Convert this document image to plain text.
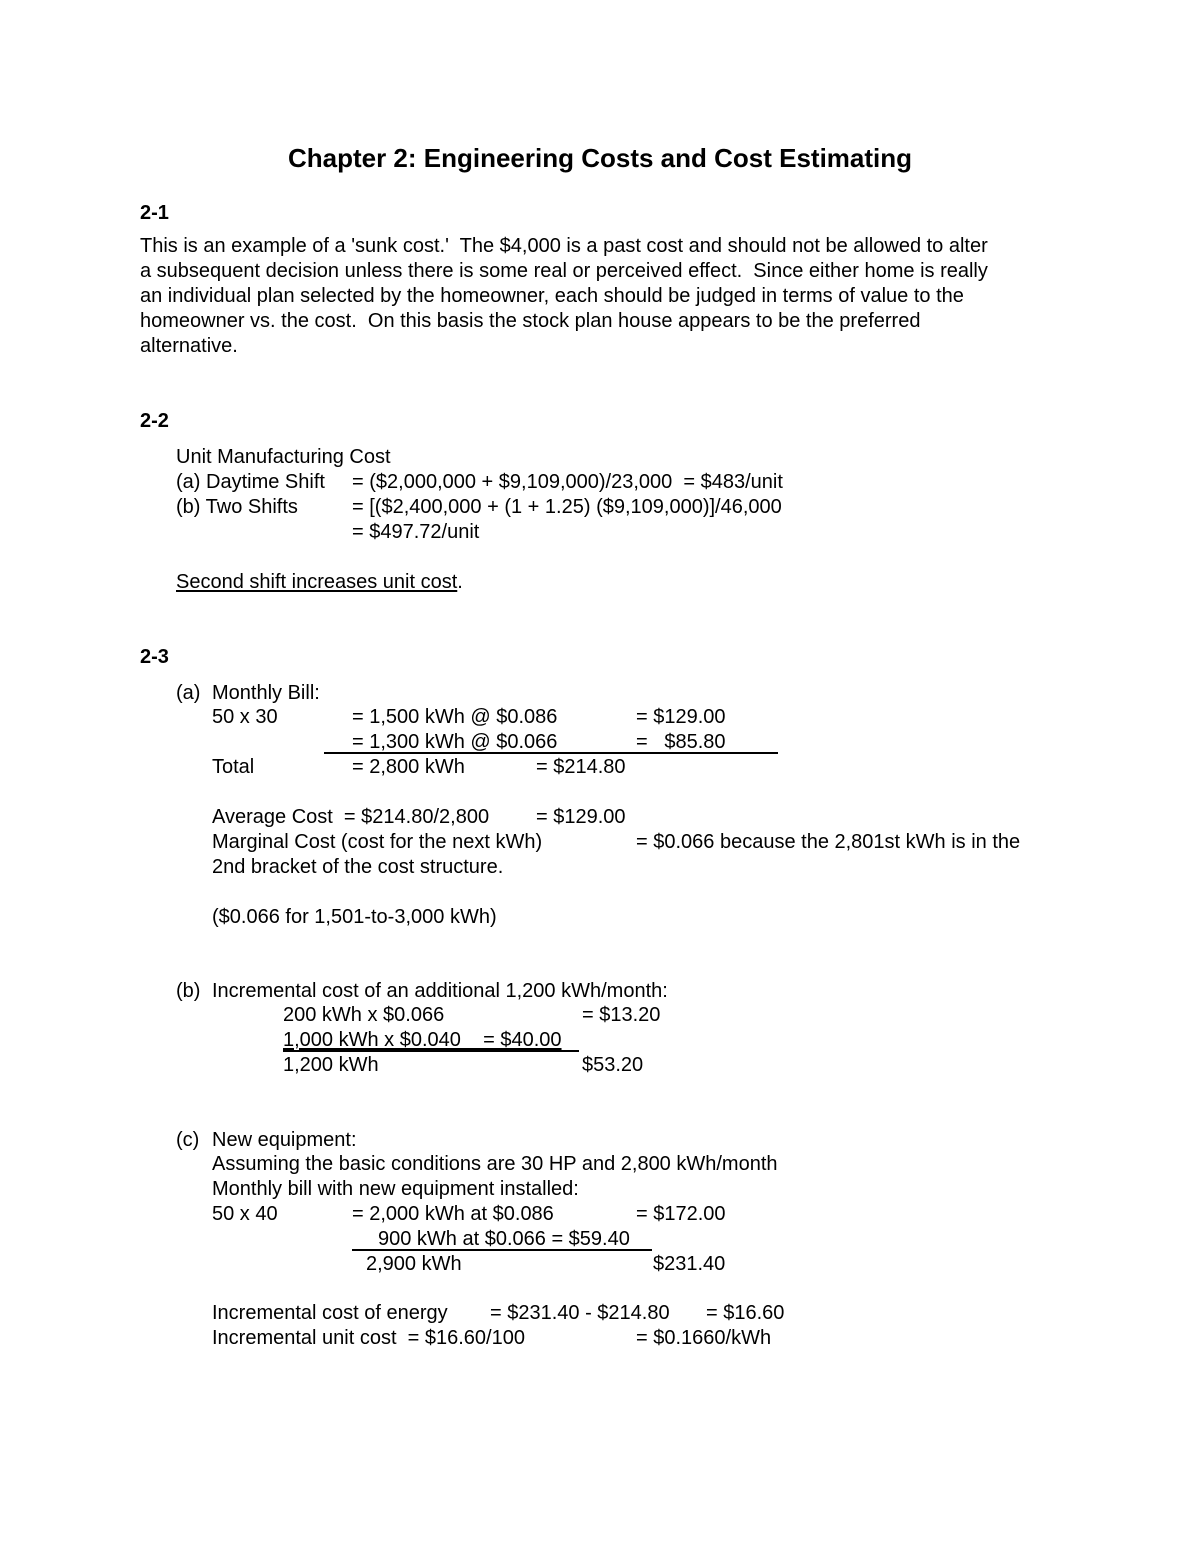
Chapter 2: Engineering Costs and Cost Estimating
2-1
This is an example of a 'sunk cost.'  The $4,000 is a past cost and should not be allowed to alter
a subsequent decision unless there is some real or perceived effect.  Since either home is really
an individual plan selected by the homeowner, each should be judged in terms of value to the
homeowner vs. the cost.  On this basis the stock plan house appears to be the preferred
alternative.
2-2
Unit Manufacturing Cost
(a) Daytime Shift = ($2,000,000 + $9,109,000)/23,000  = $483/unit
(b) Two Shifts	= [($2,400,000 + (1 + 1.25) ($9,109,000)]/46,000
= $497.72/unit
Second shift increases unit cost.
2-3
(a) Monthly Bill:
50 x 30	= 1,500 kWh @ $0.086	= $129.00
= 1,300 kWh @ $0.066	=   $85.80
Total	= 2,800 kWh	= $214.80
Average Cost  = $214.80/2,800 = $129.00
Marginal Cost (cost for the next kWh)	= $0.066 because the 2,801st kWh is in the
2nd bracket of the cost structure.
($0.066 for 1,501-to-3,000 kWh)
(b) Incremental cost of an additional 1,200 kWh/month:
200 kWh x $0.066	= $13.20
1,000 kWh x $0.040    = $40.00
1,200 kWh	$53.20
(c) New equipment:
Assuming the basic conditions are 30 HP and 2,800 kWh/month
Monthly bill with new equipment installed:
50 x 40	= 2,000 kWh at $0.086	= $172.00
900 kWh at $0.066 = $59.40
2,900 kWh	$231.40
Incremental cost of energy = $231.40 - $214.80 = $16.60
Incremental unit cost  = $16.60/100	= $0.1660/kWh
